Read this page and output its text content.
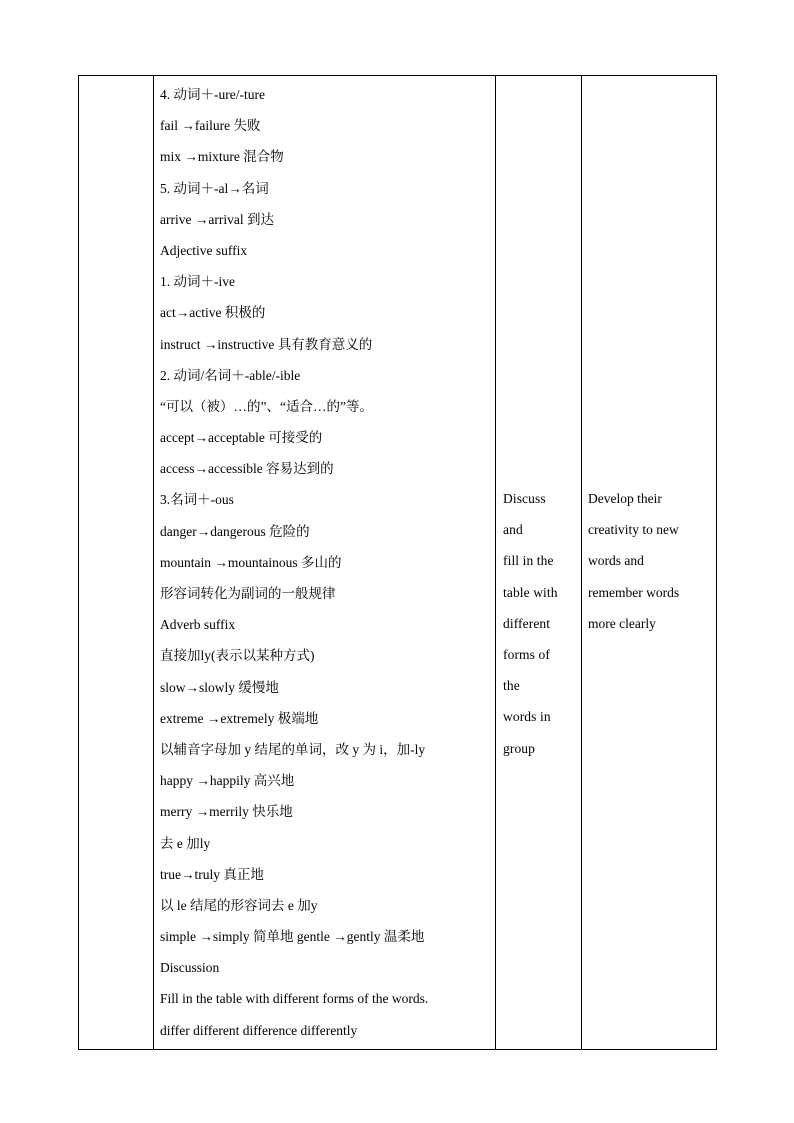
4. 动词＋-ure/-ture
fail →failure 失败
mix →mixture 混合物
5. 动词＋-al→名词
arrive →arrival 到达
Adjective suffix
1. 动词＋-ive
act→active 积极的
instruct →instructive 具有教育意义的
2. 动词/名词＋-able/-ible
“可以（被）…的”、“适合…的”等。
accept→acceptable 可接受的
access→accessible 容易达到的
3.名词＋-ous
danger→dangerous 危险的
mountain →mountainous 多山的
形容词转化为副词的一般规律
Adverb suffix
直接加ly(表示以某种方式)
slow→slowly 缓慢地
extreme →extremely 极端地
以辅音字母加 y 结尾的单词，改 y 为 i，加-ly
happy →happily 高兴地
merry →merrily 快乐地
去 e 加ly
true→truly 真正地
以 le 结尾的形容词去 e 加y
simple →simply 简单地 gentle →gently 温柔地
Discussion
Fill in the table with different forms of the words.
differ different difference differently

Discuss
and
fill in the
table with
different
forms of
the
words in
group

Develop their
creativity to new
words and
remember words
more clearly
